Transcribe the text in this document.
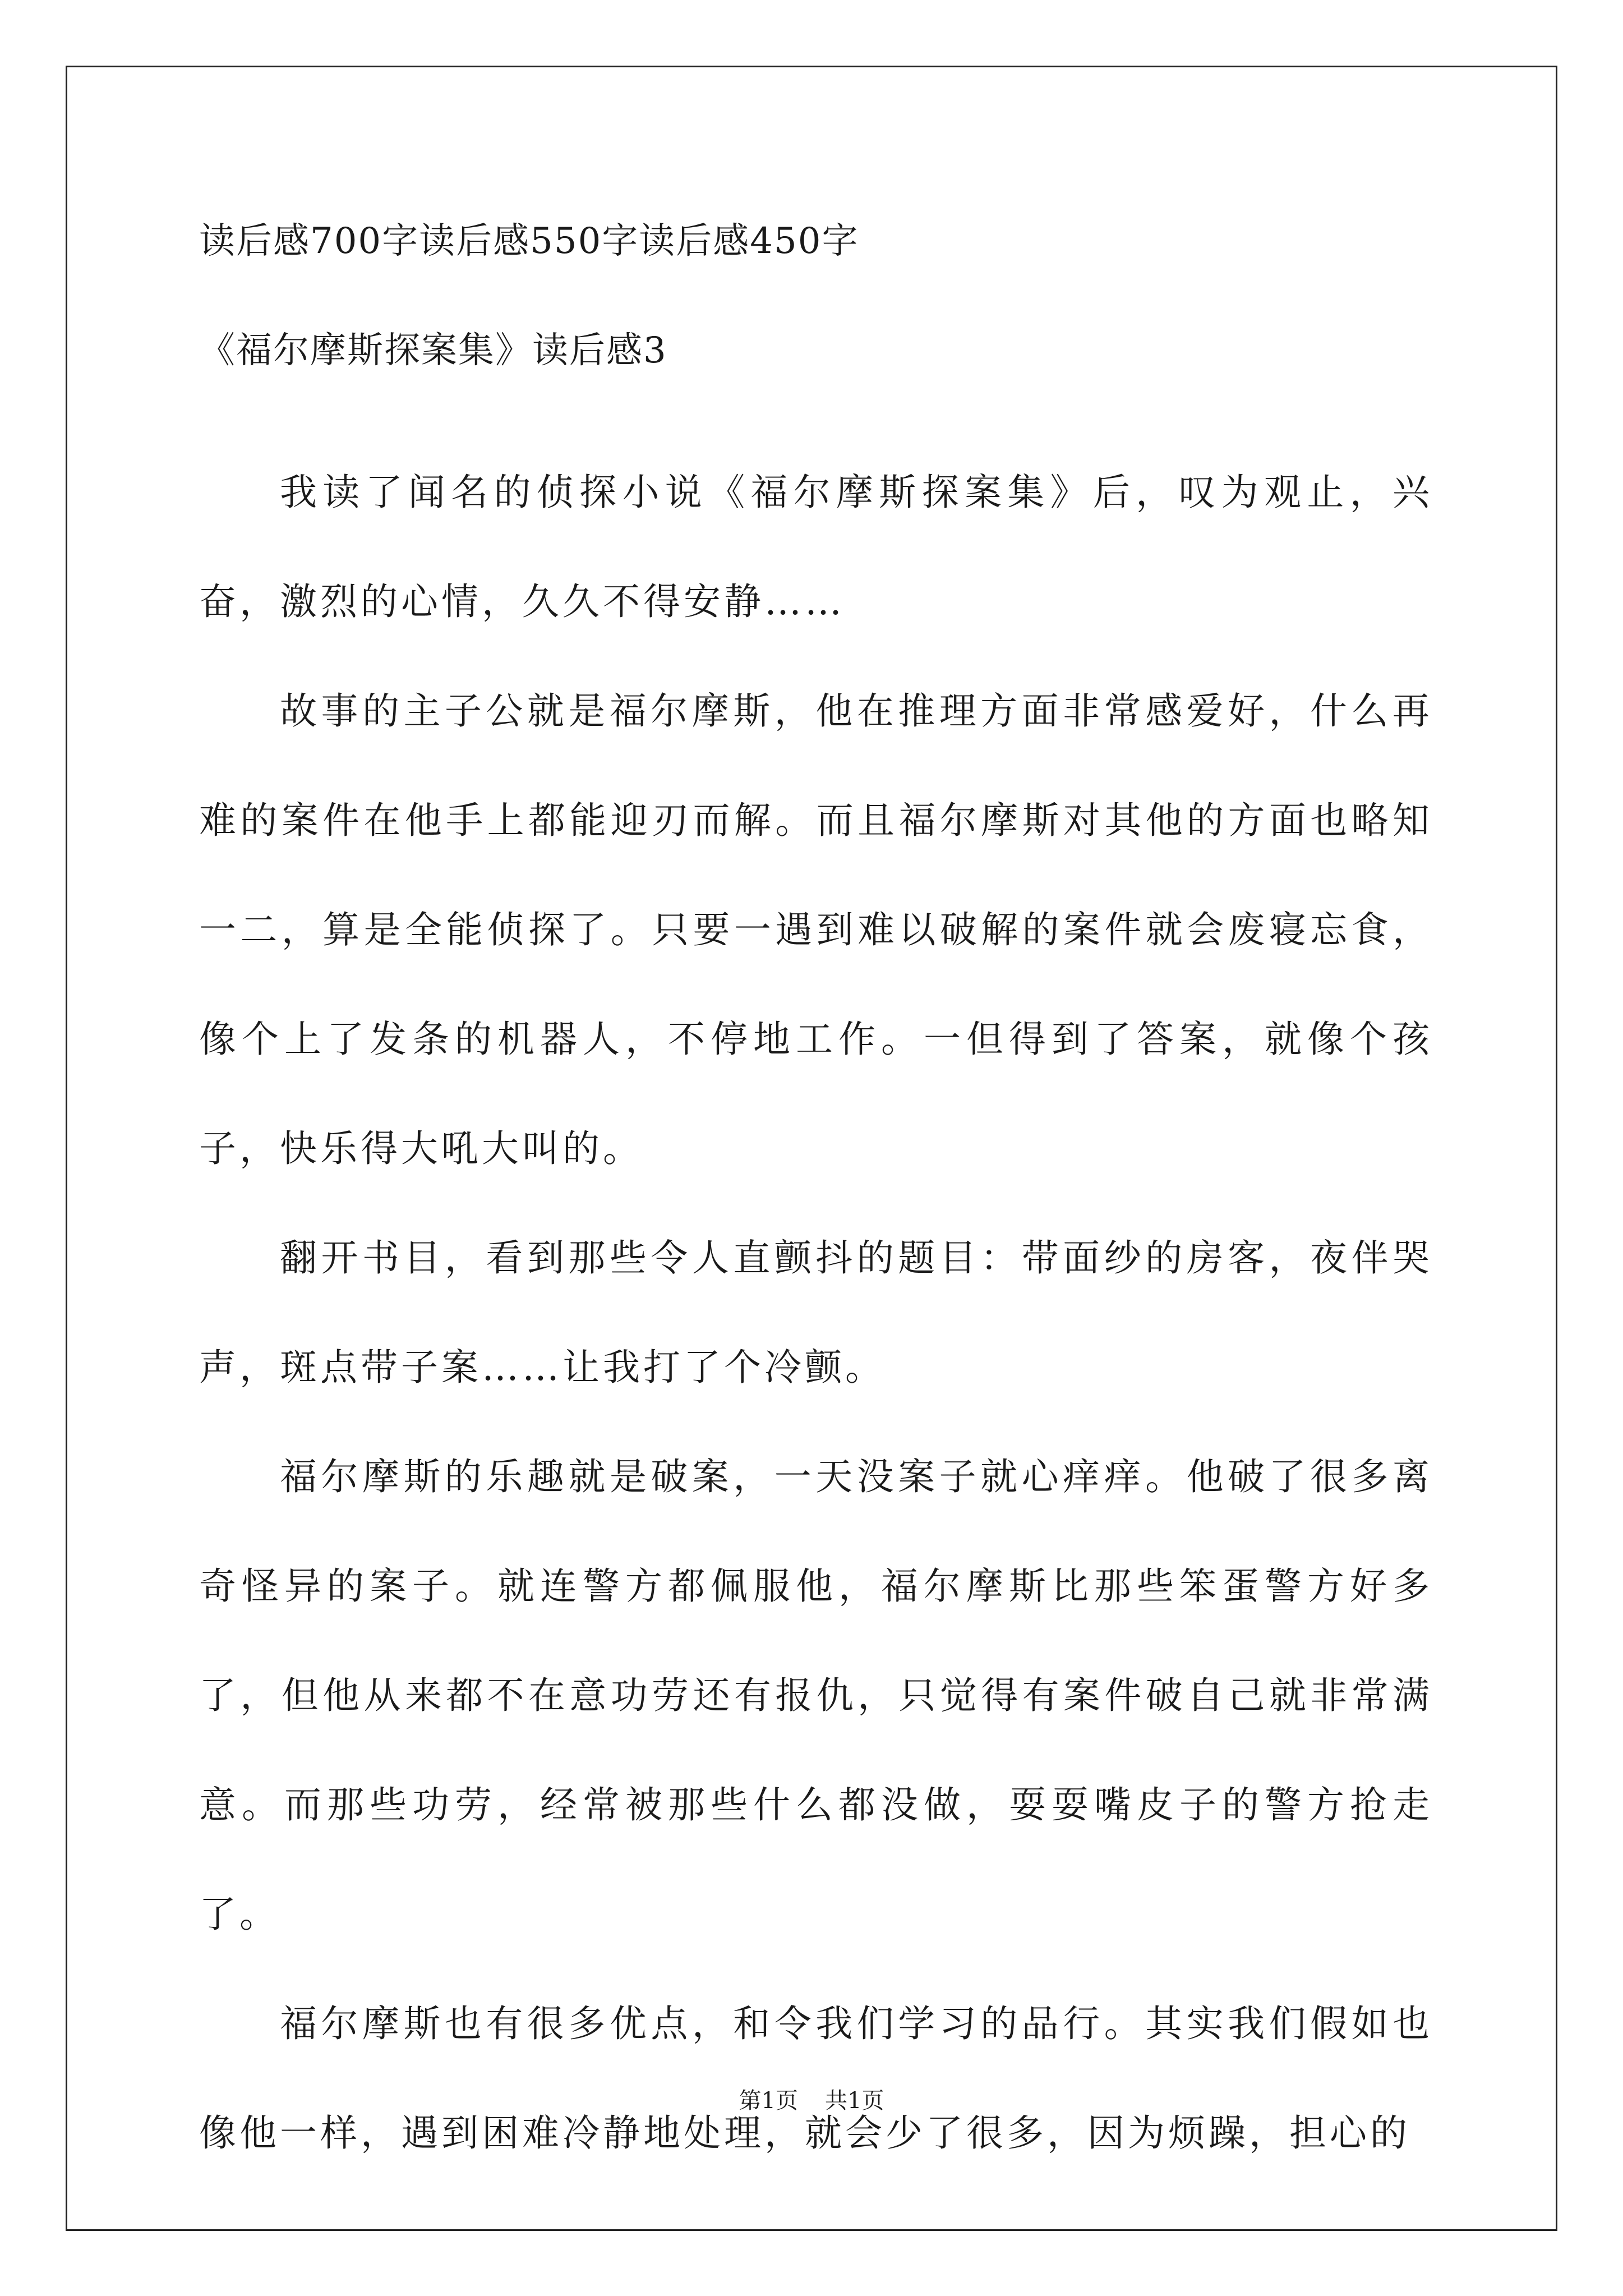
读后感700字读后感550字读后感450字
《福尔摩斯探案集》读后感3

我读了闻名的侦探小说《福尔摩斯探案集》后，叹为观止，兴奋，激烈的心情，久久不得安静……

故事的主子公就是福尔摩斯，他在推理方面非常感爱好，什么再难的案件在他手上都能迎刃而解。而且福尔摩斯对其他的方面也略知一二，算是全能侦探了。只要一遇到难以破解的案件就会废寝忘食，像个上了发条的机器人，不停地工作。一但得到了答案，就像个孩子，快乐得大吼大叫的。

翻开书目，看到那些令人直颤抖的题目：带面纱的房客，夜伴哭声，斑点带子案……让我打了个冷颤。

福尔摩斯的乐趣就是破案，一天没案子就心痒痒。他破了很多离奇怪异的案子。就连警方都佩服他，福尔摩斯比那些笨蛋警方好多了，但他从来都不在意功劳还有报仇，只觉得有案件破自己就非常满意。而那些功劳，经常被那些什么都没做，耍耍嘴皮子的警方抢走了。

福尔摩斯也有很多优点，和令我们学习的品行。其实我们假如也像他一样，遇到困难冷静地处理，就会少了很多，因为烦躁，担心的

第1页 共1页
